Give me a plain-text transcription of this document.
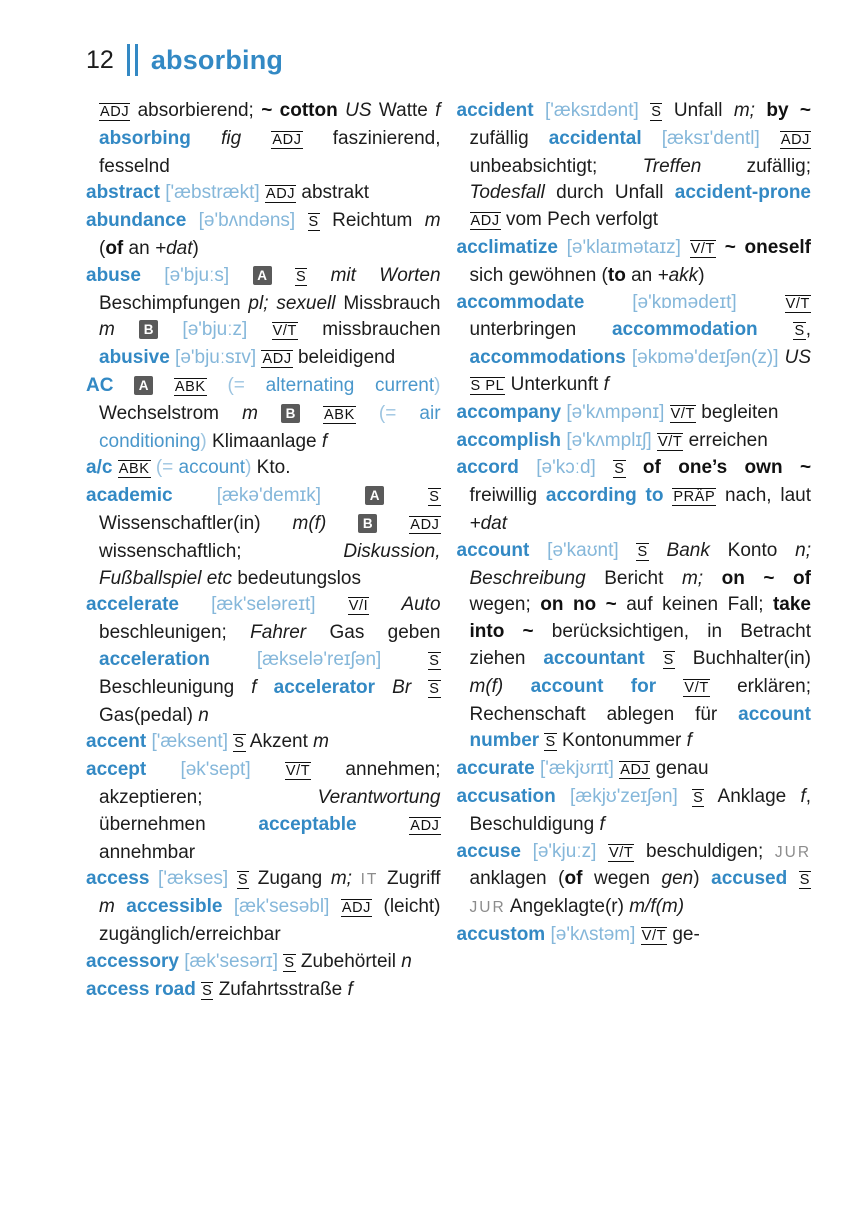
12 absorbing

ADJ absorbierend; ~ cotton US Watte f absorbing fig ADJ faszinierend, fesselnd

abstract ['æbstrækt] ADJ abstrakt

abundance [ə'bʌndəns] S Reichtum m (of an +dat)

abuse [ə'bjuːs] A S mit Worten Beschimpfungen pl; sexuell Missbrauch m B [ə'bjuːz] V/T missbrauchen abusive [ə'bjuːsɪv] ADJ beleidigend

AC A ABK (= alternating current) Wechselstrom m B ABK (= air conditioning) Klimaanlage f

a/c ABK (= account) Kto.

academic [ækə'demɪk]	A	S Wissenschaftler(in) m(f)	B	ADJ wissenschaftlich; Diskussion, Fußballspiel etc bedeutungslos

accelerate [æk'seləreɪt] V/I Auto beschleunigen; Fahrer Gas geben acceleration [ækselə'reɪʃən]	S Beschleunigung f accelerator Br S Gas(pedal) n

accent ['æksent] S Akzent m

accept [ək'sept] V/T annehmen; akzeptieren; Verantwortung übernehmen acceptable	ADJ annehmbar

access ['ækses] S Zugang m; IT Zugriff m accessible [æk'sesəbl] ADJ (leicht) zugänglich/erreichbar

accessory [æk'sesərɪ] S Zubehörteil n

access road S Zufahrtsstraße f

accident ['æksɪdənt] S Unfall m; by ~ zufällig accidental [æksɪ'dentl] ADJ unbeabsichtigt; Treffen zufällig; Todesfall durch Unfall accident-prone ADJ vom Pech verfolgt

acclimatize [ə'klaɪmətaɪz] V/T ~ oneself sich gewöhnen (to an +akk)

accommodate	[ə'kɒmədeɪt]	V/T unterbringen accommodation	S, accommodations [əkɒmə'deɪʃən(z)] US S PL Unterkunft f

accompany [ə'kʌmpənɪ] V/T begleiten

accomplish [ə'kʌmplɪʃ] V/T erreichen

accord [ə'kɔːd] S of one’s own ~ freiwillig according to PRÄP nach, laut +dat

account [ə'kaʊnt] S Bank Konto n; Beschreibung Bericht m; on ~ of wegen; on no ~ auf keinen Fall; take into ~ berücksichtigen, in Betracht ziehen accountant S Buchhalter(in) m(f) account for V/T erklären; Rechenschaft ablegen für account number S Kontonummer f

accurate ['ækjʊrɪt] ADJ genau

accusation [ækjʊ'zeɪʃən] S Anklage f, Beschuldigung f

accuse [ə'kjuːz] V/T beschuldigen; JUR anklagen (of wegen gen) accused S JUR Angeklagte(r) m/f(m)

accustom [ə'kʌstəm] V/T ge-
